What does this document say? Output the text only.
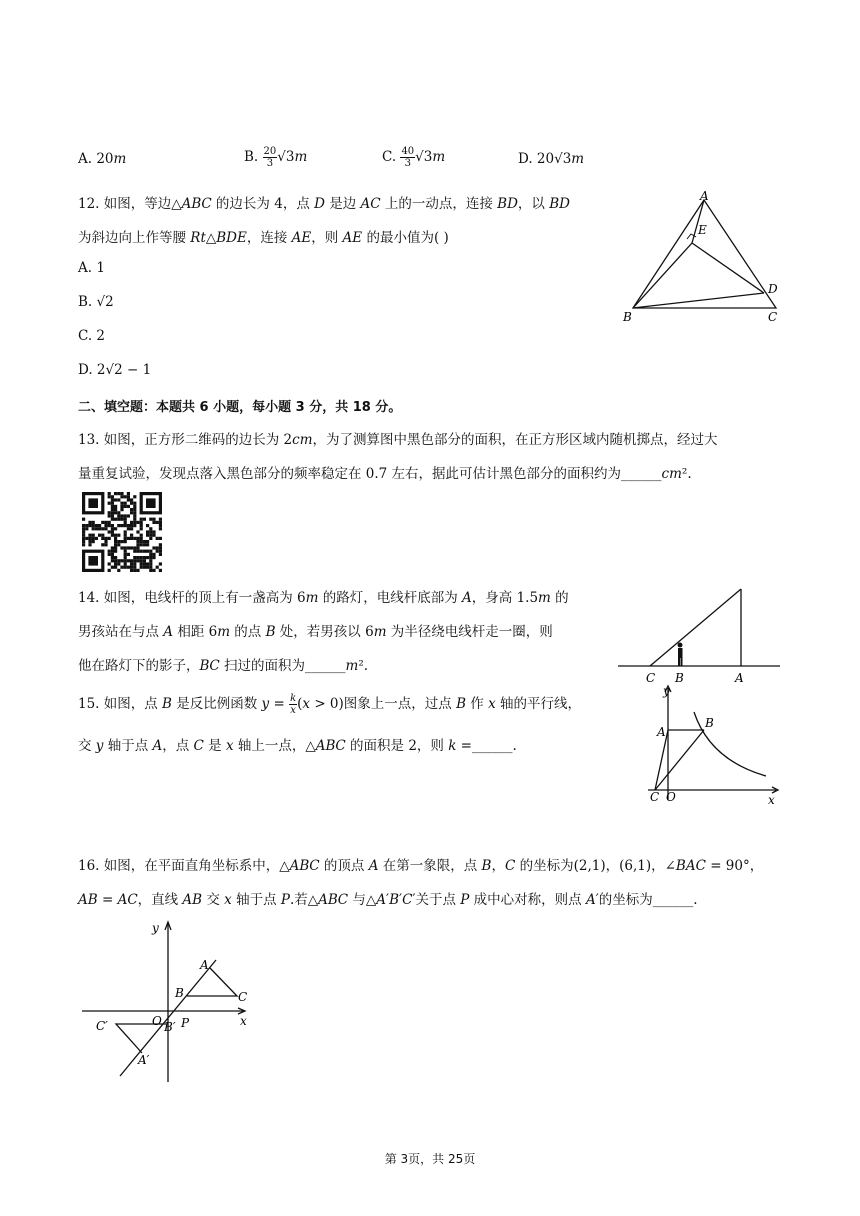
A. 20𝑚	B. $\frac{20}{3}$ √3𝑚	C. $\frac{40}{3}$ √3𝑚	D. 20√3𝑚
12. 如图，等边△𝐴𝐵𝐶 的边长为 4，点 𝐷 是边 𝐴𝐶 上的一动点，连接 𝐵𝐷，以 𝐵𝐷
为斜边向上作等腰 𝑅𝑡△𝐵𝐷𝐸，连接 𝐴𝐸，则 𝐴𝐸 的最小值为( )
A. 1
B. √2
C. 2
D. 2√2 − 1
A
E
D
B	C
二、填空题：本题共 6 小题，每小题 3 分，共 18 分。
13. 如图，正方形二维码的边长为 2𝑐𝑚，为了测算图中黑色部分的面积，在正方形区域内随机掷点，经过大
量重复试验，发现点落入黑色部分的频率稳定在 0.7 左右，据此可估计黑色部分的面积约为______𝑐𝑚².
14. 如图，电线杆的顶上有一盏高为 6𝑚 的路灯，电线杆底部为 𝐴，身高 1.5𝑚 的
男孩站在与点 𝐴 相距 6𝑚 的点 𝐵 处，若男孩以 6𝑚 为半径绕电线杆走一圈，则
他在路灯下的影子，𝐵𝐶 扫过的面积为______𝑚².
C B	A
15. 如图，点 𝐵 是反比例函数 𝑦 = $\frac{\text{𝑘}}{\text{𝑥}}$ (𝑥 > 0)图象上一点，过点 𝐵 作 𝑥 轴的平行线，
交 𝑦 轴于点 𝐴，点 𝐶 是 𝑥 轴上一点，△𝐴𝐵𝐶 的面积是 2，则 𝑘 =______.
y
A
B
C O	x
16. 如图，在平面直角坐标系中，△𝐴𝐵𝐶 的顶点 𝐴 在第一象限，点 𝐵，𝐶 的坐标为(2,1)，(6,1)，∠𝐵𝐴𝐶 = 90°，
𝐴𝐵 = 𝐴𝐶，直线 𝐴𝐵 交 𝑥 轴于点 𝑃.若△𝐴𝐵𝐶 与△𝐴′𝐵′𝐶′关于点 𝑃 成中心对称，则点 𝐴′的坐标为______.
y
A
B	C
O B′ P	x
C′
A′
第 3页，共 25页
